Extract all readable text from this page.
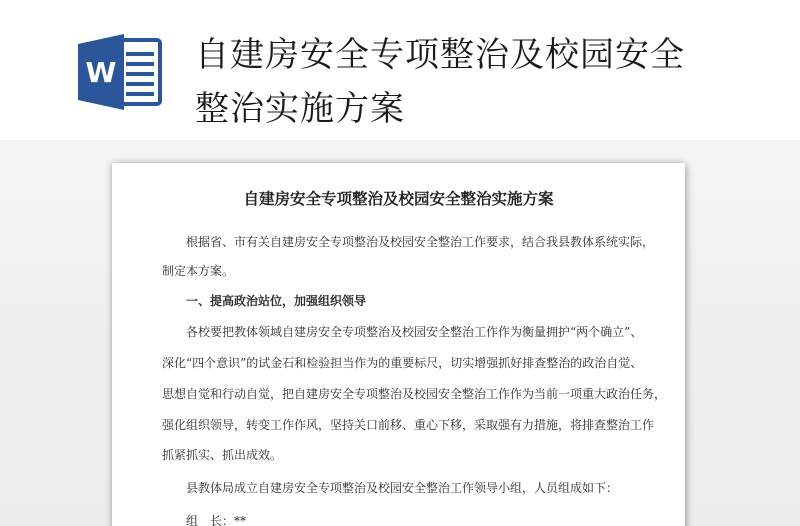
W 自建房安全专项整治及校园安全
整治实施方案
自建房安全专项整治及校园安全整治实施方案
根据省、市有关自建房安全专项整治及校园安全整治工作要求，结合我县教体系统实际，
制定本方案。
一、提高政治站位，加强组织领导
各校要把教体领域自建房安全专项整治及校园安全整治工作作为衡量拥护“两个确立”、
深化“四个意识”的试金石和检验担当作为的重要标尺，切实增强抓好排查整治的政治自觉、
思想自觉和行动自觉，把自建房安全专项整治及校园安全整治工作作为当前一项重大政治任务，
强化组织领导，转变工作作风，坚持关口前移、重心下移，采取强有力措施，将排查整治工作
抓紧抓实、抓出成效。
县教体局成立自建房安全专项整治及校园安全整治工作领导小组，人员组成如下：
组　长：**
